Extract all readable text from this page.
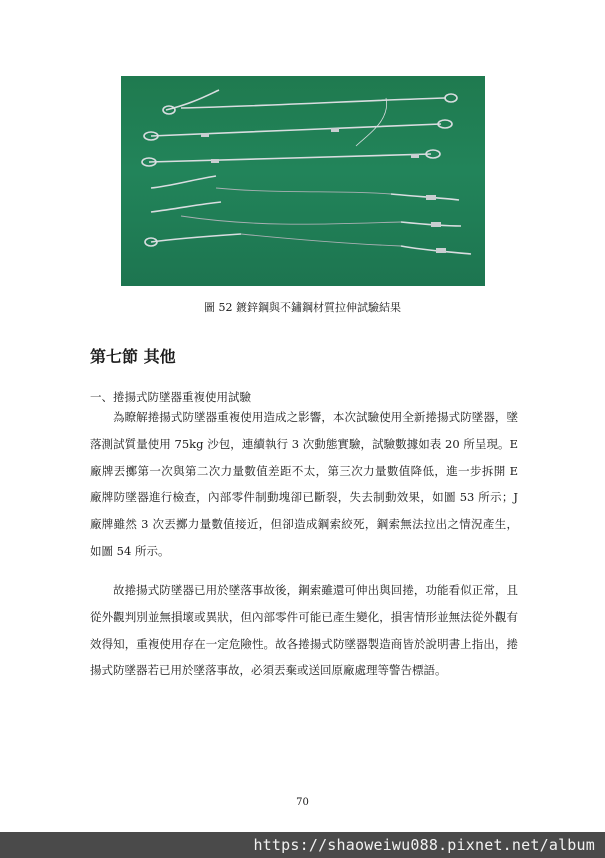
圖 52 鍍鋅鋼與不鏽鋼材質拉伸試驗結果
第七節 其他
一、捲揚式防墜器重複使用試驗
為瞭解捲揚式防墜器重複使用造成之影響，本次試驗使用全新捲揚式防墜器，墜落測試質量使用 75kg 沙包，連續執行 3 次動態實驗，試驗數據如表 20 所呈現。E 廠牌丟擲第一次與第二次力量數值差距不太，第三次力量數值降低，進一步拆開 E 廠牌防墜器進行檢查，內部零件制動塊卻已斷裂，失去制動效果，如圖 53 所示；J 廠牌雖然 3 次丟擲力量數值接近，但卻造成鋼索絞死，鋼索無法拉出之情況產生，如圖 54 所示。
故捲揚式防墜器已用於墜落事故後，鋼索雖還可伸出與回捲，功能看似正常，且從外觀判別並無損壞或異狀，但內部零件可能已產生變化，損害情形並無法從外觀有效得知，重複使用存在一定危險性。故各捲揚式防墜器製造商皆於說明書上指出，捲揚式防墜器若已用於墜落事故，必須丟棄或送回原廠處理等警告標語。
70
https://shaoweiwu088.pixnet.net/album
